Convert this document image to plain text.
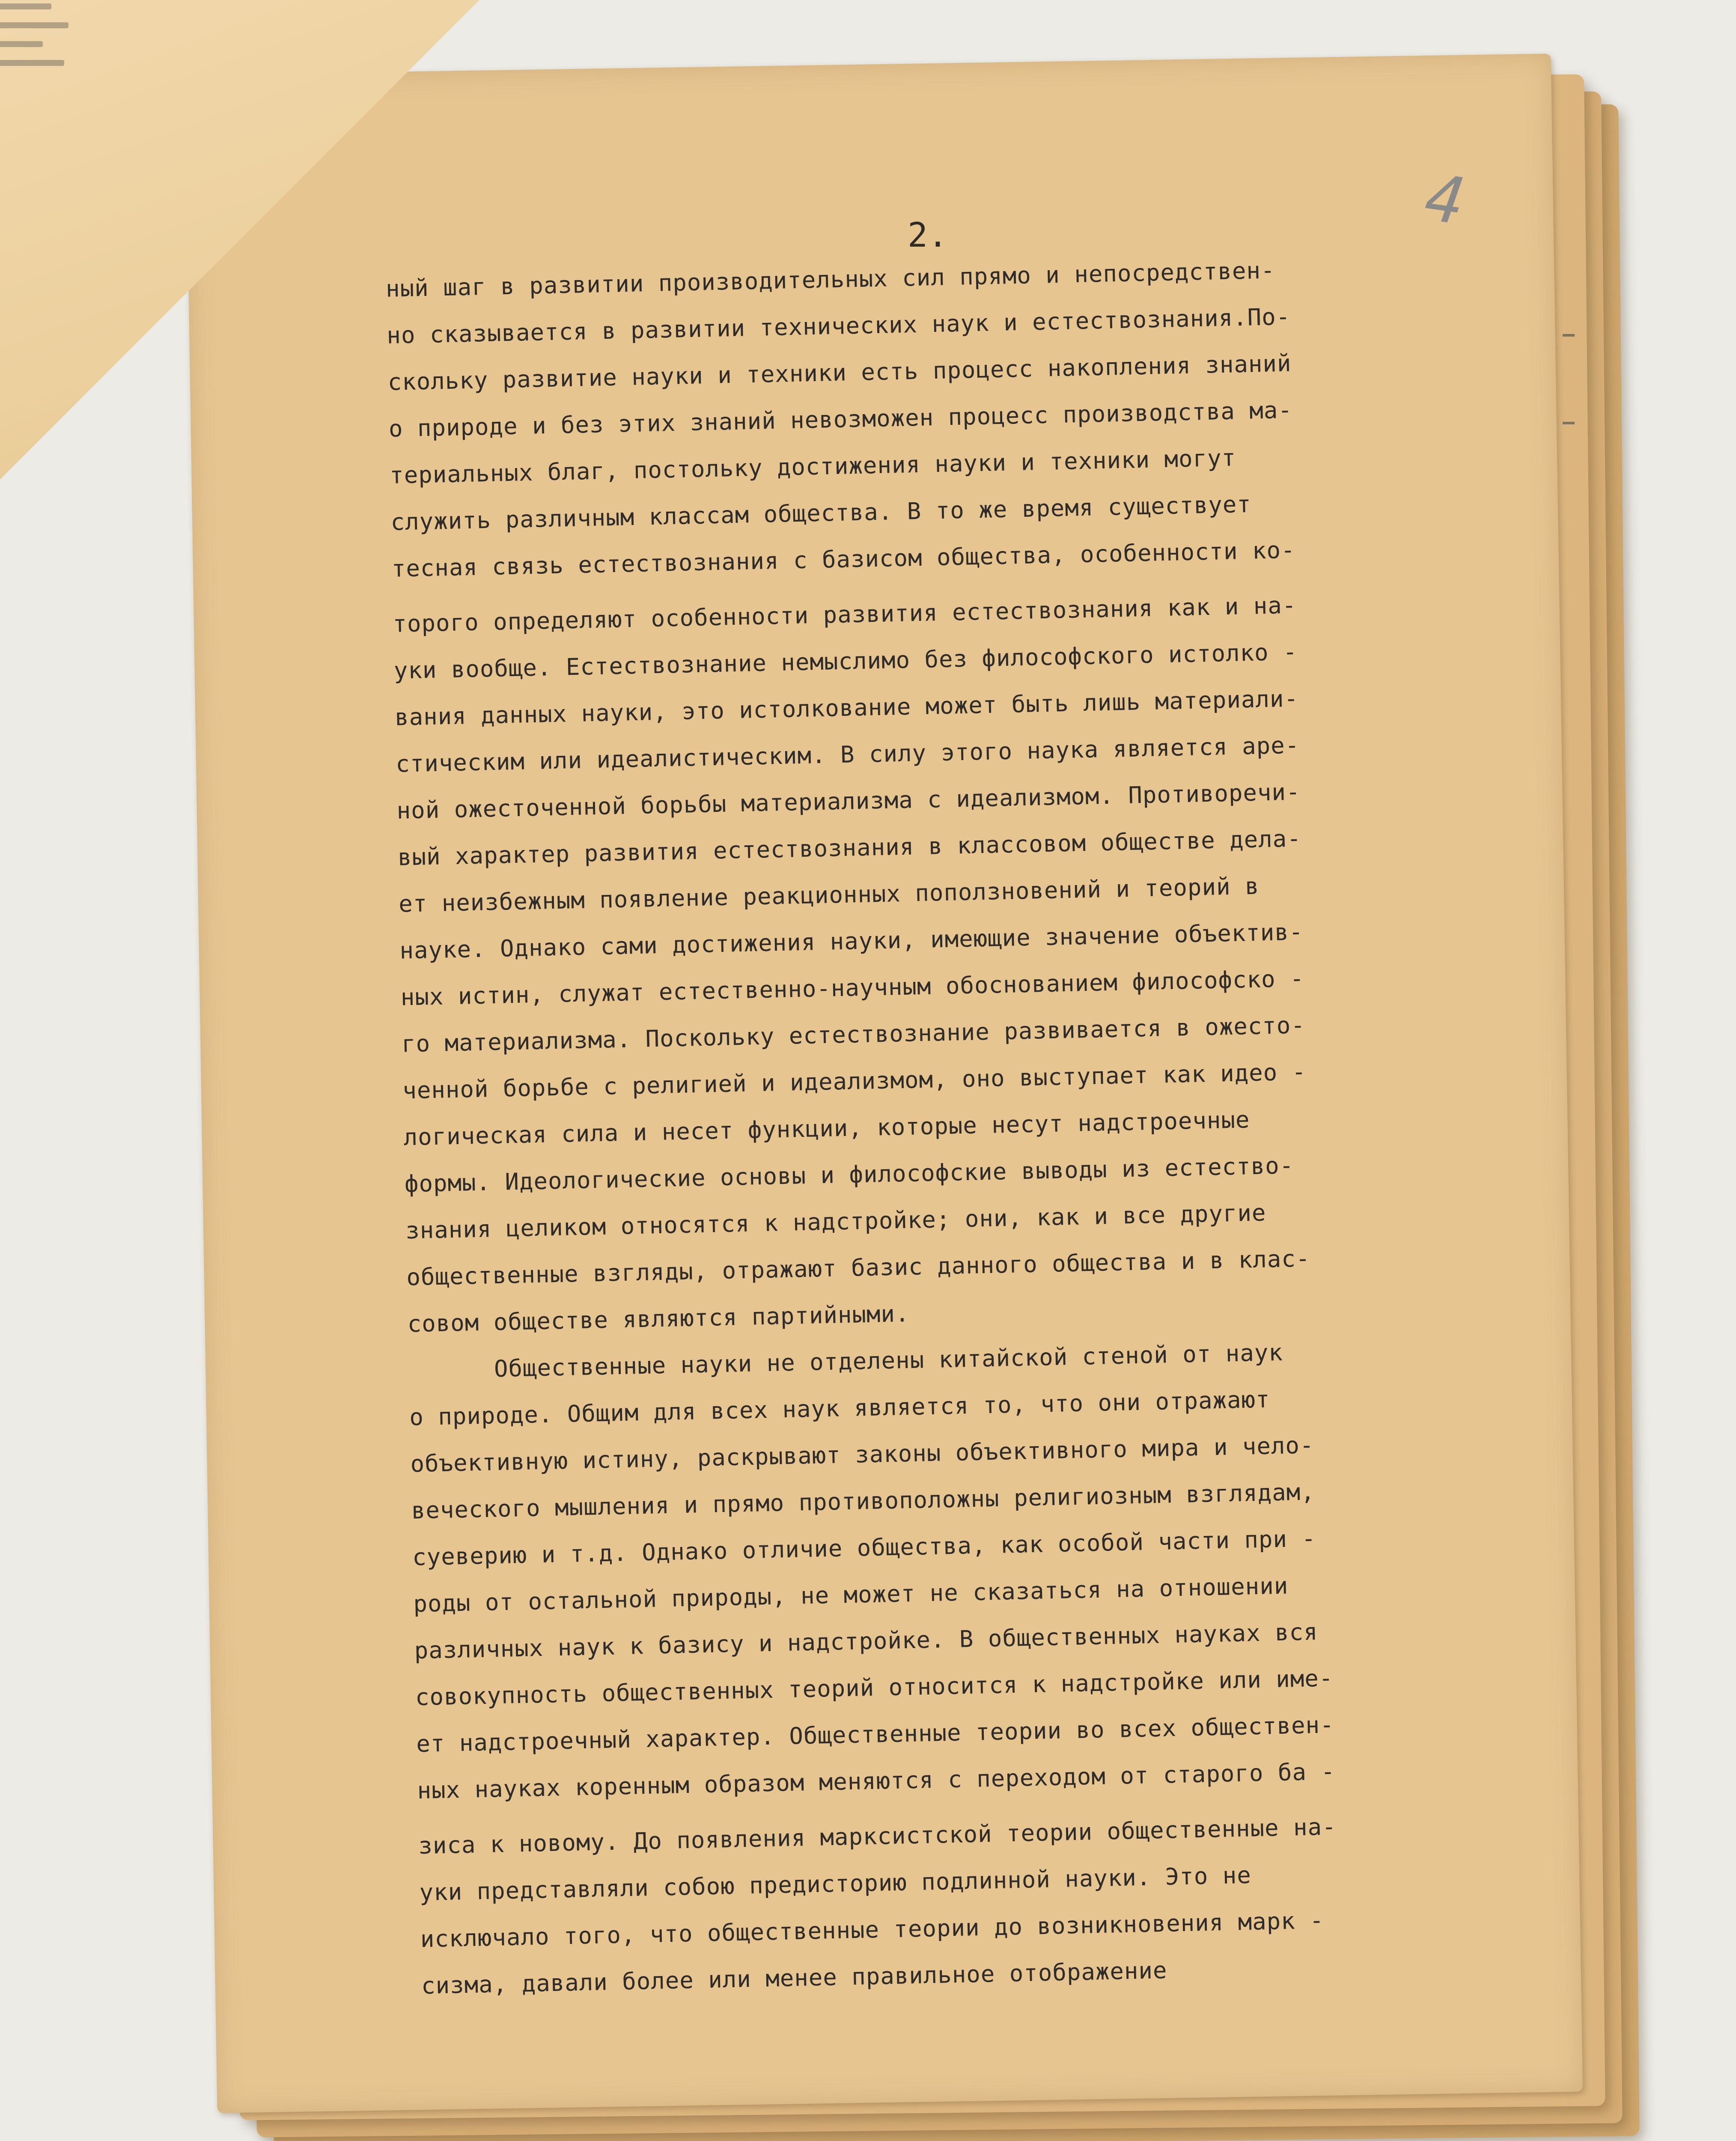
4
2.
ный шаг в развитии производительных сил прямо и непосредствен-
но сказывается в развитии технических наук и естествознания.По-
скольку развитие науки и техники есть процесс накопления знаний
о природе и без этих знаний невозможен процесс производства ма-
териальных благ, постольку достижения науки и техники могут
служить различным классам общества. В то же время существует
тесная связь естествознания с базисом общества, особенности ко-
торого определяют особенности развития естествознания как и на-
уки вообще. Естествознание немыслимо без философского истолко -
вания данных науки, это истолкование может быть лишь материали-
стическим или идеалистическим. В силу этого наука является аре-
ной ожесточенной борьбы материализма с идеализмом. Противоречи-
вый характер развития естествознания в классовом обществе дела-
ет неизбежным появление реакционных поползновений и теорий в
науке. Однако сами достижения науки, имеющие значение объектив-
ных истин, служат естественно-научным обоснованием философско -
го материализма. Поскольку естествознание развивается в ожесто-
ченной борьбе с религией и идеализмом, оно выступает как идео -
логическая сила и несет функции, которые несут надстроечные
формы. Идеологические основы и философские выводы из естество-
знания целиком относятся к надстройке; они, как и все другие
общественные взгляды, отражают базис данного общества и в клас-
совом обществе являются партийными.
Общественные науки не отделены китайской стеной от наук
о природе. Общим для всех наук является то, что они отражают
объективную истину, раскрывают законы объективного мира и чело-
веческого мышления и прямо противоположны религиозным взглядам,
суеверию и т.д. Однако отличие общества, как особой части при -
роды от остальной природы, не может не сказаться на отношении
различных наук к базису и надстройке. В общественных науках вся
совокупность общественных теорий относится к надстройке или име-
ет надстроечный характер. Общественные теории во всех обществен-
ных науках коренным образом меняются с переходом от старого ба -
зиса к новому. До появления марксистской теории общественные на-
уки представляли собою предисторию подлинной науки. Это не
исключало того, что общественные теории до возникновения марк -
сизма, давали более или менее правильное отображение
